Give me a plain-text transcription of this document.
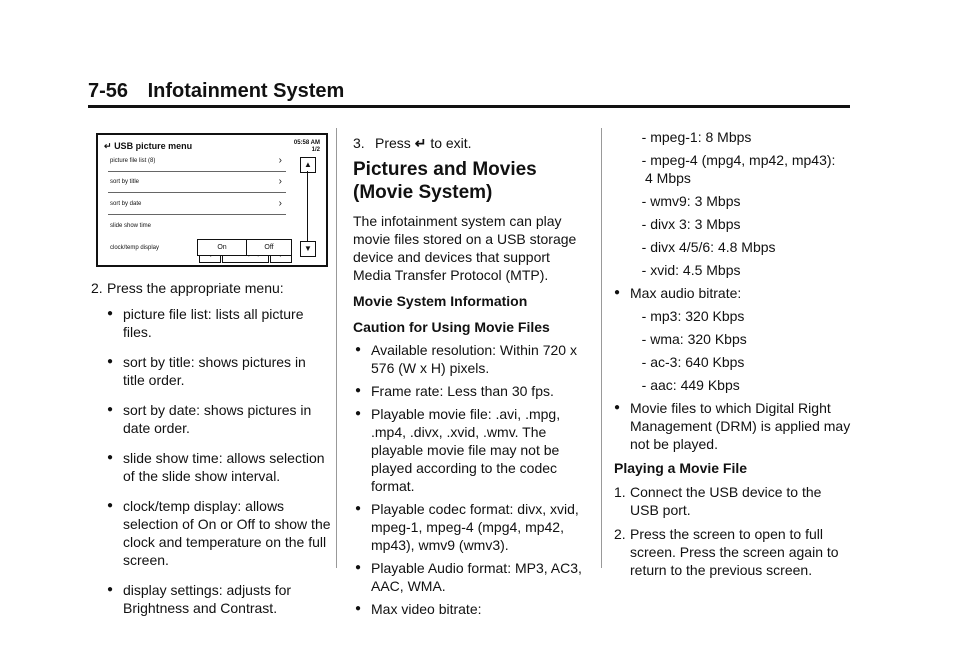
7-56 Infotainment System
↵ USB picture menu	05:58 AM
1/2
picture file list (8)	›
sort by title	›
sort by date	›
slide show time
clock/temp display
▲
▼
On	Off
2. Press the appropriate menu:
● picture file list: lists all picture files.
● sort by title: shows pictures in title order.
● sort by date: shows pictures in date order.
● slide show time: allows selection of the slide show interval.
● clock/temp display: allows selection of On or Off to show the clock and temperature on the full screen.
● display settings: adjusts for Brightness and Contrast.
3. Press ↵ to exit.
Pictures and Movies (Movie System)

The infotainment system can play movie files stored on a USB storage device and devices that support Media Transfer Protocol (MTP).

Movie System Information

Caution for Using Movie Files

● Available resolution: Within 720 x 576 (W x H) pixels.
● Frame rate: Less than 30 fps.
● Playable movie file: .avi, .mpg, .mp4, .divx, .xvid, .wmv. The playable movie file may not be played according to the codec format.
● Playable codec format: divx, xvid, mpeg-1, mpeg-4 (mpg4, mp42, mp43), wmv9 (wmv3).
● Playable Audio format: MP3, AC3, AAC, WMA.
● Max video bitrate:

- mpeg-1: 8 Mbps

- mpeg-4 (mpg4, mp42, mp43):

4 Mbps

- wmv9: 3 Mbps

- divx 3: 3 Mbps

- divx 4/5/6: 4.8 Mbps

- xvid: 4.5 Mbps

● Max audio bitrate:

- mp3: 320 Kbps

- wma: 320 Kbps

- ac-3: 640 Kbps

- aac: 449 Kbps

● Movie files to which Digital Right Management (DRM) is applied may not be played.

Playing a Movie File

1. Connect the USB device to the USB port.
2. Press the screen to open to full screen. Press the screen again to return to the previous screen.
